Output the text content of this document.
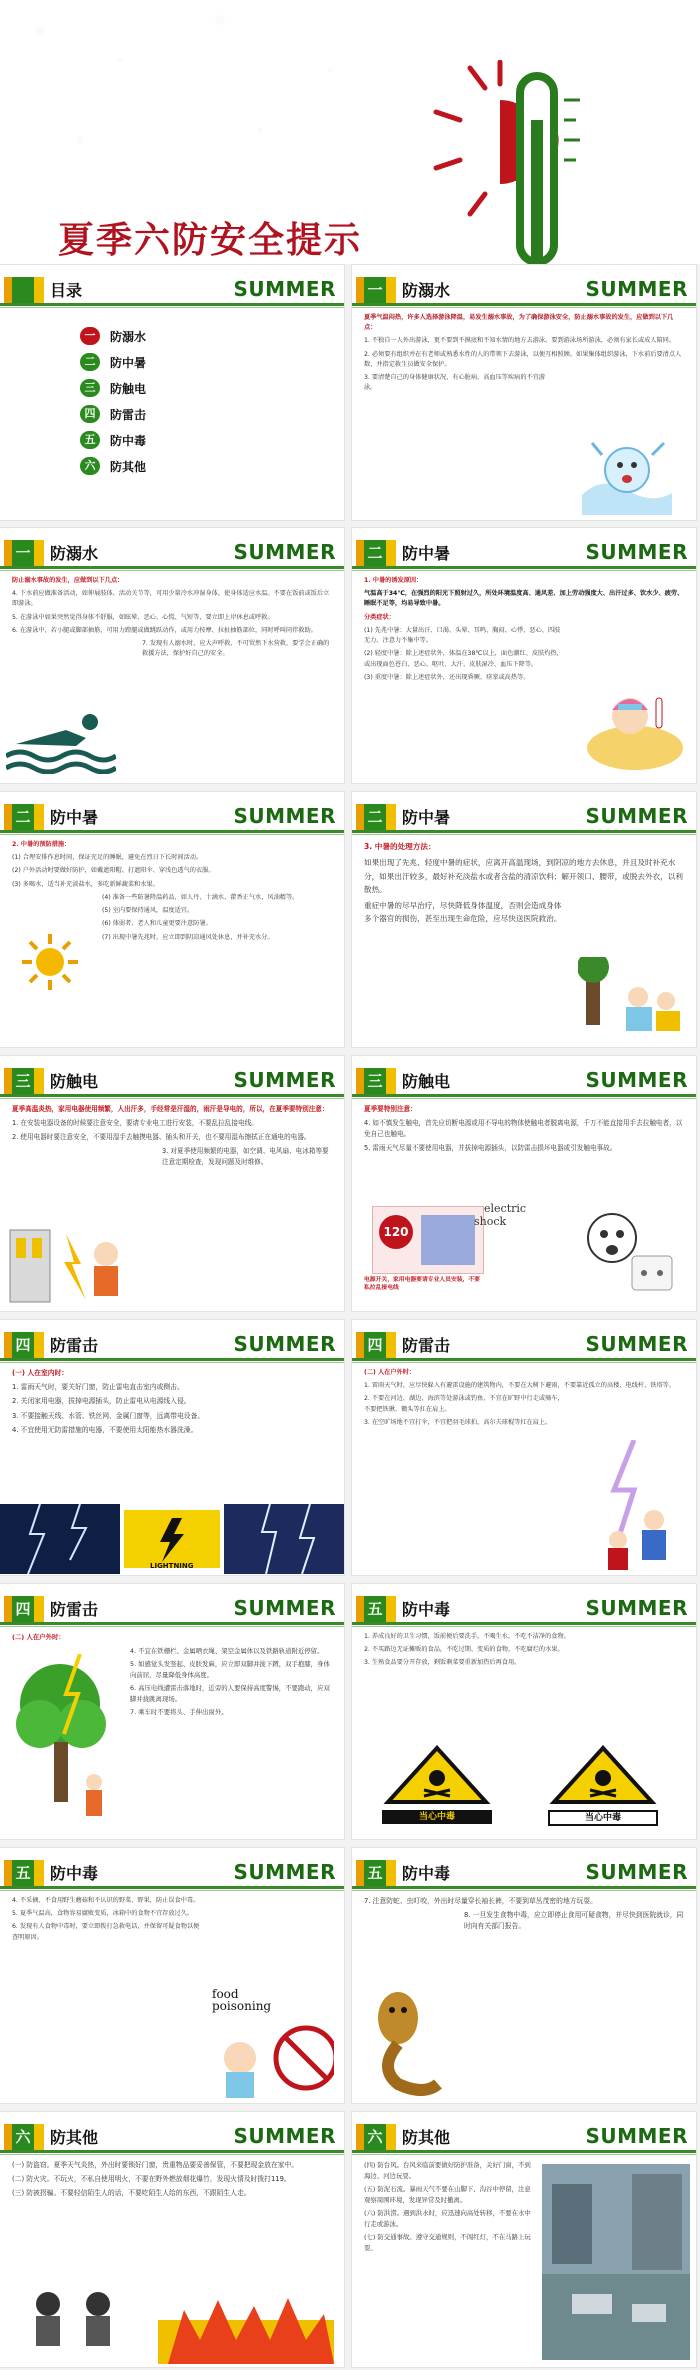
夏季六防安全提示
目录	SUMMER
一	防溺水
二	防中暑
三	防触电
四	防雷击
五	防中毒
六	防其他
一 防溺水	SUMMER

夏季气温闷热，许多人选择游泳降温，易发生溺水事故，为了确保游泳安全，防止溺水事故的发生，应做到以下几点：

1. 不独自一人外出游泳，更不要到不摸底和不知水情的地方去游泳。要到游泳场所游泳，必须有家长或成人陪同。

2. 必须要有组织并在有老师或熟悉水性的人的带领下去游泳，以便互相照顾。如果集体组织游泳，下水前后要清点人数，并指定救生员做安全保护。

3. 要清楚自己的身体健康状况，有心脏病、高血压等疾病的不宜游泳。

一 防溺水	SUMMER

防止溺水事故的发生，应做到以下几点：

4. 下水前应做准备活动，如伸展肢体、活动关节等，可用少量冷水冲湿身体，使身体适应水温。不要在饭前或饭后立即游泳。

5. 在游泳中如果突然觉得身体不舒服，如眩晕、恶心、心慌、气短等，要立即上岸休息或呼救。

6. 在游泳中，若小腿或脚部抽筋，可用力蹬腿或做跳跃动作，或用力按摩、拉扯抽筋部位，同时呼叫同伴救助。

7. 发现有人溺水时，应大声呼救，不可贸然下水营救，要学会正确的救援方法，保护好自己的安全。

二 防中暑	SUMMER

1. 中暑的诱发原因：

气温高于34℃，在强烈的阳光下照射过久，所处环境温度高、通风差、加上劳动强度大、出汗过多、饮水少、疲劳、睡眠不足等，均易导致中暑。

分类症状：

(1) 先兆中暑：大量出汗、口渴、头晕、耳鸣、胸闷、心悸、恶心、四肢无力、注意力不集中等。

(2) 轻度中暑：除上述症状外，体温在38℃以上，面色潮红、皮肤灼热，或出现面色苍白、恶心、呕吐、大汗、皮肤湿冷、血压下降等。

(3) 重度中暑：除上述症状外，还出现昏厥、痉挛或高热等。

二 防中暑	SUMMER

2. 中暑的预防措施：

(1) 合理安排作息时间，保证充足的睡眠，避免在烈日下长时间活动。

(2) 户外活动时要做好防护，如戴遮阳帽、打遮阳伞、穿浅色透气的衣服。

(3) 多喝水，适当补充淡盐水，多吃新鲜蔬菜和水果。

(4) 准备一些防暑降温药品，如人丹、十滴水、藿香正气水、风油精等。

(5) 室内要保持通风，温度适宜。

(6) 体弱者、老人和儿童更要注意防暑。

(7) 出现中暑先兆时，应立即到阴凉通风处休息，并补充水分。

二 防中暑	SUMMER

3. 中暑的处理方法：

如果出现了先兆、轻度中暑的症状，应离开高温现场，到阴凉的地方去休息，并且及时补充水分，如果出汗较多，最好补充淡盐水或者含盐的清凉饮料；解开领口、腰带，或脱去外衣，以利散热。

重症中暑的尽早治疗，尽快降低身体温度，否则会造成身体多个器官的损伤，甚至出现生命危险，应尽快送医院救治。

三 防触电	SUMMER

夏季高温炎热，家用电器使用频繁，人出汗多，手经常是汗湿的，雨汗是导电的，所以，在夏季要特别注意：

1. 在安装电器设备的时候要注意安全，要请专业电工进行安装，不要乱拉乱接电线。

2. 使用电器时要注意安全，不要用湿手去触摸电器、插头和开关，也不要用湿布擦拭正在通电的电器。

3. 对夏季使用频繁的电器，如空调、电风扇、电冰箱等要注意定期检查，发现问题及时维修。

三 防触电	SUMMER

夏季要特别注意：

4. 如不慎发生触电，首先应切断电源或用不导电的物体使触电者脱离电源，千万不能直接用手去拉触电者，以免自己也触电。

5. 雷雨天气尽量不要使用电器，并拔掉电源插头，以防雷击损坏电器或引发触电事故。

120
electric
shock
电源开关，家用电器要请专业人员安装，不要私拉乱接电线
四 防雷击	SUMMER

(一) 人在室内时：

1. 雷雨天气时，要关好门窗，防止雷电直击室内或侧击。

2. 关闭家用电器，拔掉电源插头，防止雷电从电源线入侵。

3. 不要接触天线、水管、铁丝网、金属门窗等，远离带电设备。

4. 不宜使用无防雷措施的电器，不要使用太阳能热水器洗澡。

LIGHTNING
四 防雷击	SUMMER

(二) 人在户外时：

1. 雷雨天气时，应尽快躲入有避雷设施的建筑物内，不要在大树下避雨，不要靠近孤立的高楼、电线杆、铁塔等。

2. 不要在河边、湖边、海滨等处游泳或钓鱼，不宜在旷野中行走或骑车，不要把铁锹、锄头等扛在肩上。

3. 在空旷场地不宜打伞，不宜把羽毛球拍、高尔夫球棍等扛在肩上。

四 防雷击	SUMMER

(二) 人在户外时：

4. 不宜在铁栅栏、金属晒衣绳、架空金属体以及铁路轨道附近停留。

5. 如感觉头发竖起、皮肤发麻，应立即双脚并拢下蹲，双手抱膝，身体向前屈，尽量降低身体高度。

6. 高压电线遭雷击落地时，近旁的人要保持高度警惕，不要跑动，应双脚并拢跳离现场。

7. 乘车时不要将头、手伸出窗外。

五 防中毒	SUMMER

1. 养成良好的卫生习惯，饭前便后要洗手，不喝生水，不吃不洁净的食物。

2. 不买路边无证摊贩的食品，不吃过期、变质的食物，不吃腐烂的水果。

3. 生熟食品要分开存放，剩饭剩菜要重新加热后再食用。

当心中毒	当心中毒
五 防中毒	SUMMER

4. 不采摘、不食用野生蘑菇和不认识的野菜、野果，防止误食中毒。

5. 夏季气温高，食物容易腐败变质，冰箱中的食物不宜存放过久。

6. 发现有人食物中毒时，要立即拨打急救电话，并保留可疑食物以便查明原因。

food
poisoning
五 防中毒	SUMMER

7. 注意防蛇、虫叮咬，外出时尽量穿长袖长裤，不要到草丛茂密的地方玩耍。

8. 一旦发生食物中毒，应立即停止食用可疑食物，并尽快到医院就诊，同时向有关部门报告。

六 防其他	SUMMER

(一) 防盗窃。夏季天气炎热，外出时要锁好门窗，贵重物品要妥善保管，不要把现金放在家中。

(二) 防火灾。不玩火，不私自使用明火，不要在野外燃放烟花爆竹，发现火情及时拨打119。

(三) 防被拐骗。不要轻信陌生人的话，不要吃陌生人给的东西，不跟陌生人走。

六 防其他	SUMMER

(四) 防台风。台风来临前要做好防护准备，关好门窗，不到海边、河边玩耍。

(五) 防泥石流。暴雨天气不要在山脚下、沟谷中停留，注意观察周围环境，发现异常及时撤离。

(六) 防洪涝。遇到洪水时，应迅速向高处转移，不要在水中行走或游泳。

(七) 防交通事故。遵守交通规则，不闯红灯，不在马路上玩耍。
